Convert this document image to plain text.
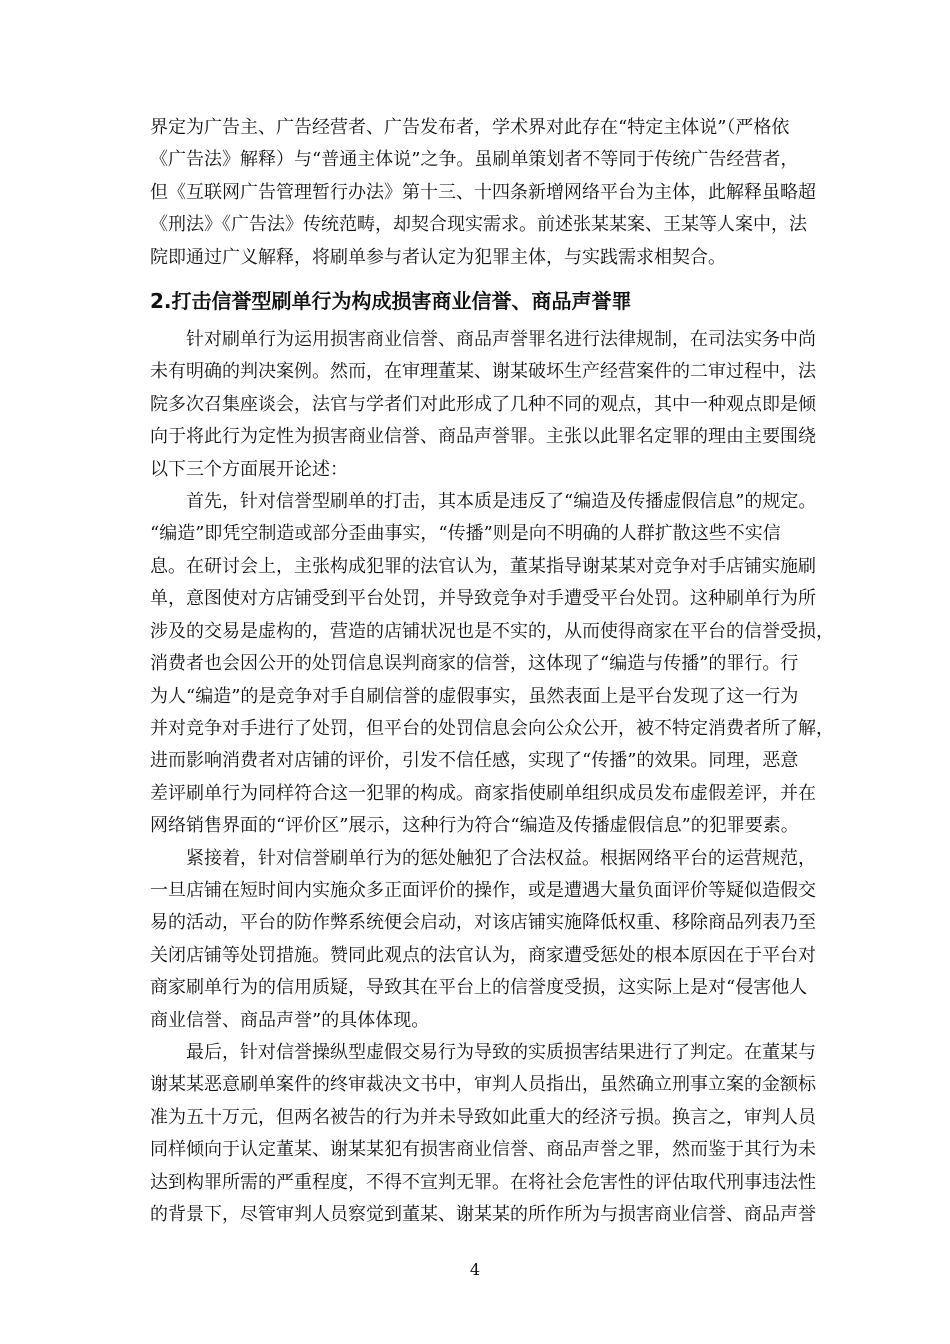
界定为广告主、广告经营者、广告发布者，学术界对此存在“特定主体说”（严格依
《广告法》解释）与“普通主体说”之争。虽刷单策划者不等同于传统广告经营者，
但《互联网广告管理暂行办法》第十三、十四条新增网络平台为主体，此解释虽略超
《刑法》《广告法》传统范畴，却契合现实需求。前述张某某案、王某等人案中，法
院即通过广义解释，将刷单参与者认定为犯罪主体，与实践需求相契合。

2.打击信誉型刷单行为构成损害商业信誉、商品声誉罪

　　针对刷单行为运用损害商业信誉、商品声誉罪名进行法律规制，在司法实务中尚
未有明确的判决案例。然而，在审理董某、谢某破坏生产经营案件的二审过程中，法
院多次召集座谈会，法官与学者们对此形成了几种不同的观点，其中一种观点即是倾
向于将此行为定性为损害商业信誉、商品声誉罪。主张以此罪名定罪的理由主要围绕
以下三个方面展开论述：

　　首先，针对信誉型刷单的打击，其本质是违反了“编造及传播虚假信息”的规定。
“编造”即凭空制造或部分歪曲事实，“传播”则是向不明确的人群扩散这些不实信
息。在研讨会上，主张构成犯罪的法官认为，董某指导谢某某对竞争对手店铺实施刷
单，意图使对方店铺受到平台处罚，并导致竞争对手遭受平台处罚。这种刷单行为所
涉及的交易是虚构的，营造的店铺状况也是不实的，从而使得商家在平台的信誉受损，
消费者也会因公开的处罚信息误判商家的信誉，这体现了“编造与传播”的罪行。行
为人“编造”的是竞争对手自刷信誉的虚假事实，虽然表面上是平台发现了这一行为
并对竞争对手进行了处罚，但平台的处罚信息会向公众公开，被不特定消费者所了解，
进而影响消费者对店铺的评价，引发不信任感，实现了“传播”的效果。同理，恶意
差评刷单行为同样符合这一犯罪的构成。商家指使刷单组织成员发布虚假差评，并在
网络销售界面的“评价区”展示，这种行为符合“编造及传播虚假信息”的犯罪要素。

　　紧接着，针对信誉刷单行为的惩处触犯了合法权益。根据网络平台的运营规范，
一旦店铺在短时间内实施众多正面评价的操作，或是遭遇大量负面评价等疑似造假交
易的活动，平台的防作弊系统便会启动，对该店铺实施降低权重、移除商品列表乃至
关闭店铺等处罚措施。赞同此观点的法官认为，商家遭受惩处的根本原因在于平台对
商家刷单行为的信用质疑，导致其在平台上的信誉度受损，这实际上是对“侵害他人
商业信誉、商品声誉”的具体体现。

　　最后，针对信誉操纵型虚假交易行为导致的实质损害结果进行了判定。在董某与
谢某某恶意刷单案件的终审裁决文书中，审判人员指出，虽然确立刑事立案的金额标
准为五十万元，但两名被告的行为并未导致如此重大的经济亏损。换言之，审判人员
同样倾向于认定董某、谢某某犯有损害商业信誉、商品声誉之罪，然而鉴于其行为未
达到构罪所需的严重程度，不得不宣判无罪。在将社会危害性的评估取代刑事违法性
的背景下，尽管审判人员察觉到董某、谢某某的所作所为与损害商业信誉、商品声誉

4
